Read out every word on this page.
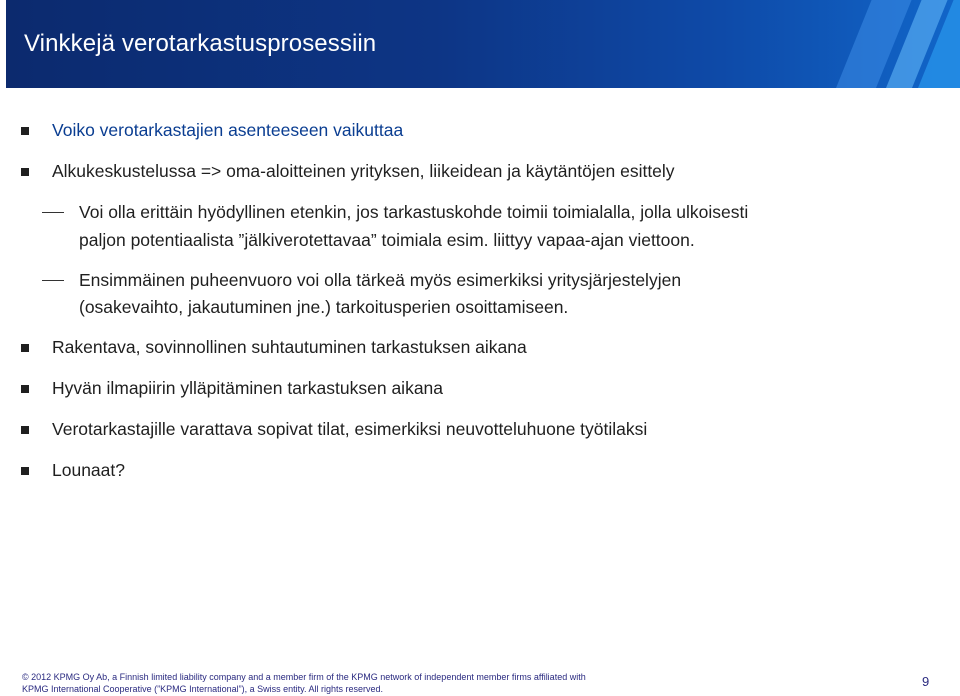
Vinkkejä verotarkastusprosessiin
Voiko verotarkastajien asenteeseen vaikuttaa
Alkukeskustelussa => oma-aloitteinen yrityksen, liikeidean ja käytäntöjen esittely
Voi olla erittäin hyödyllinen etenkin, jos tarkastuskohde toimii toimialalla, jolla ulkoisesti
paljon potentiaalista ”jälkiverotettavaa” toimiala esim. liittyy vapaa-ajan viettoon.
Ensimmäinen puheenvuoro voi olla tärkeä myös esimerkiksi yritysjärjestelyjen
(osakevaihto, jakautuminen jne.) tarkoitusperien osoittamiseen.
Rakentava, sovinnollinen suhtautuminen tarkastuksen aikana
Hyvän ilmapiirin ylläpitäminen tarkastuksen aikana
Verotarkastajille varattava sopivat tilat, esimerkiksi neuvotteluhuone työtilaksi
Lounaat?
© 2012 KPMG Oy Ab, a Finnish limited liability company and a member firm of the KPMG network of independent member firms affiliated with
KPMG International Cooperative (”KPMG International”), a Swiss entity. All rights reserved.	9
